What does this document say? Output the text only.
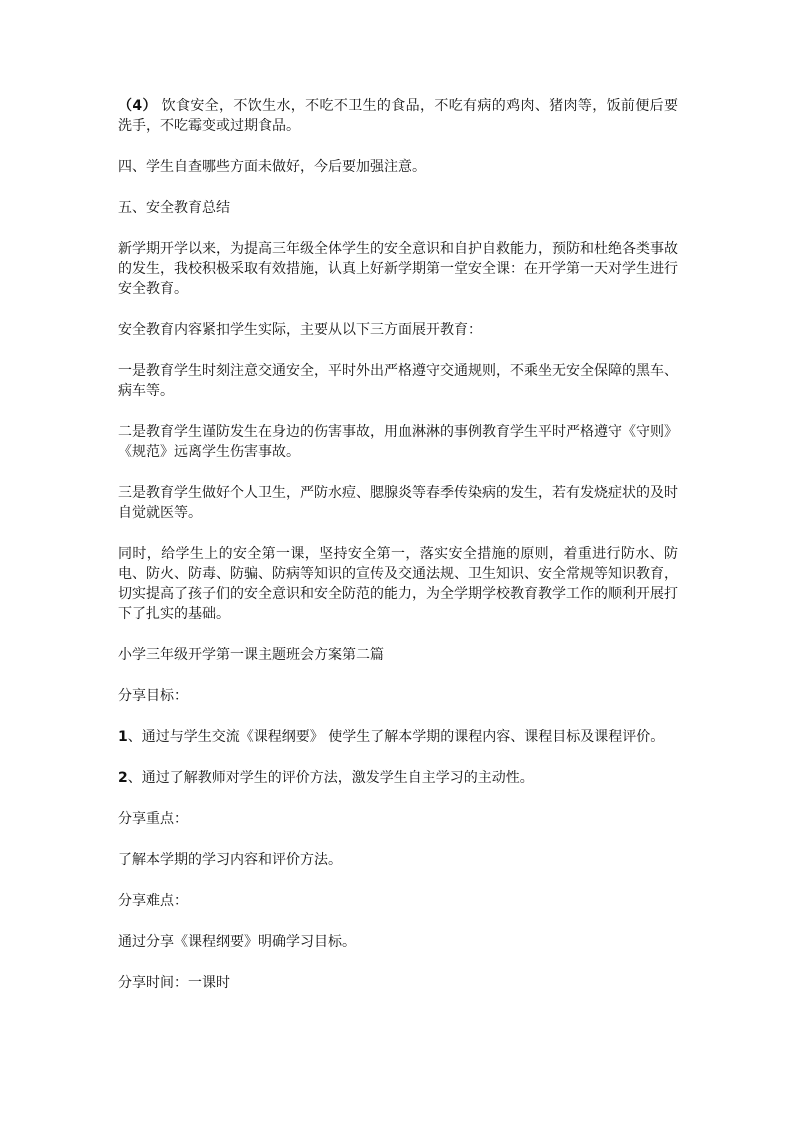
（4） 饮食安全，不饮生水，不吃不卫生的食品，不吃有病的鸡肉、猪肉等，饭前便后要洗手，不吃霉变或过期食品。

四、学生自查哪些方面未做好，今后要加强注意。

五、安全教育总结

新学期开学以来，为提高三年级全体学生的安全意识和自护自救能力，预防和杜绝各类事故的发生，我校积极采取有效措施，认真上好新学期第一堂安全课：在开学第一天对学生进行安全教育。

安全教育内容紧扣学生实际，主要从以下三方面展开教育：

一是教育学生时刻注意交通安全，平时外出严格遵守交通规则，不乘坐无安全保障的黑车、病车等。

二是教育学生谨防发生在身边的伤害事故，用血淋淋的事例教育学生平时严格遵守《守则》《规范》远离学生伤害事故。

三是教育学生做好个人卫生，严防水痘、腮腺炎等春季传染病的发生，若有发烧症状的及时自觉就医等。

同时，给学生上的安全第一课，坚持安全第一，落实安全措施的原则，着重进行防水、防电、防火、防毒、防骗、防病等知识的宣传及交通法规、卫生知识、安全常规等知识教育，切实提高了孩子们的安全意识和安全防范的能力，为全学期学校教育教学工作的顺利开展打下了扎实的基础。

小学三年级开学第一课主题班会方案第二篇

分享目标：

1、通过与学生交流《课程纲要》 使学生了解本学期的课程内容、课程目标及课程评价。

2、通过了解教师对学生的评价方法，激发学生自主学习的主动性。

分享重点：

了解本学期的学习内容和评价方法。

分享难点：

通过分享《课程纲要》明确学习目标。

分享时间：一课时
